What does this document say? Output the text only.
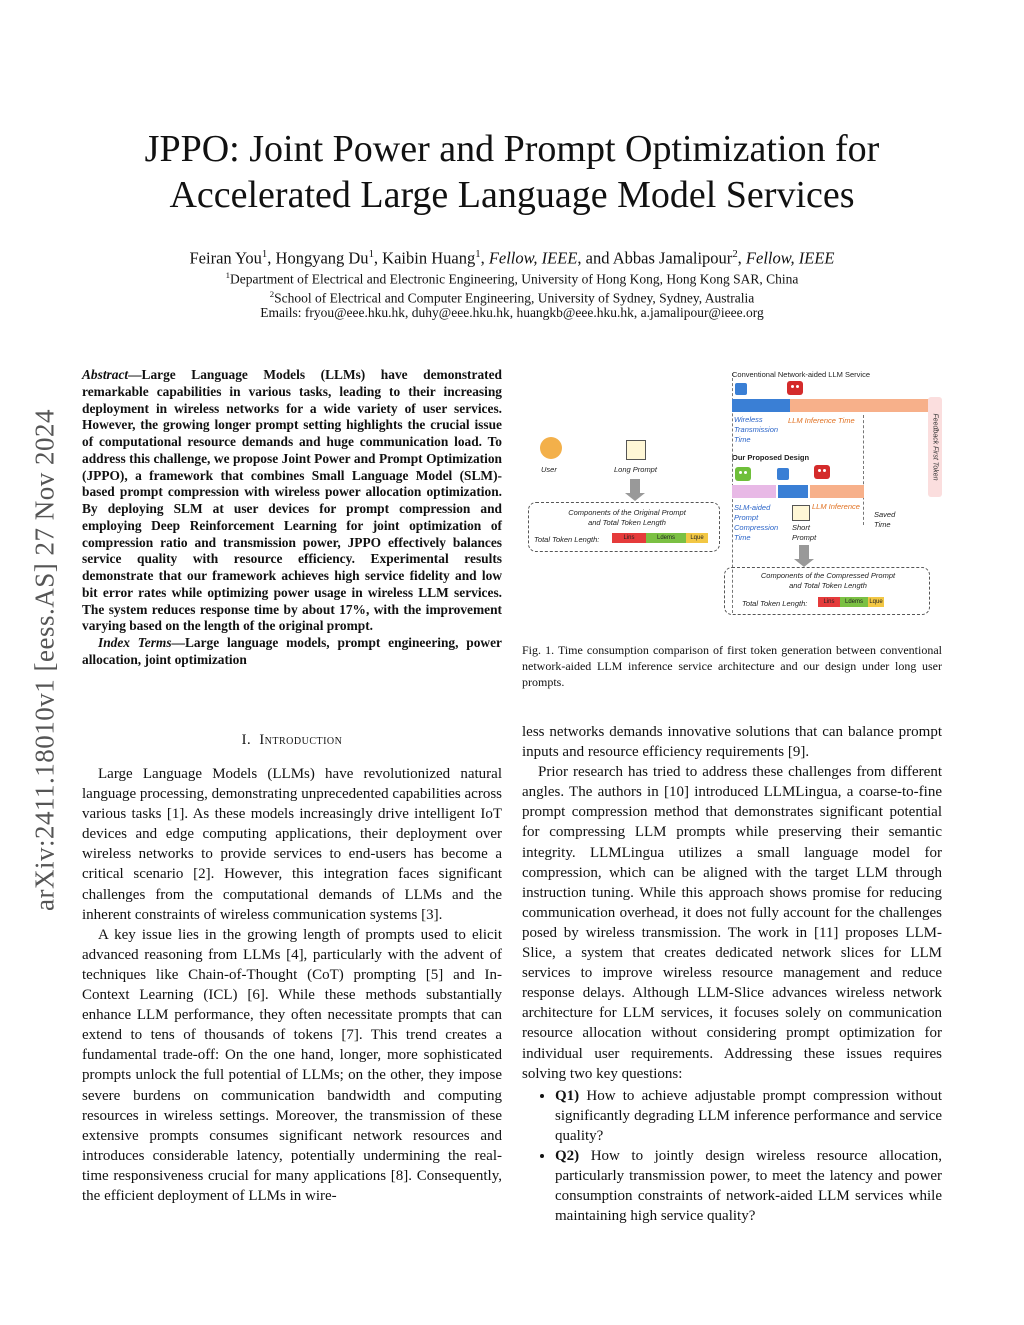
arXiv:2411.18010v1 [eess.AS] 27 Nov 2024
JPPO: Joint Power and Prompt Optimization for
Accelerated Large Language Model Services
Feiran You$^1$, Hongyang Du$^1$, Kaibin Huang$^1$, Fellow, IEEE, and Abbas Jamalipour$^2$, Fellow, IEEE
$^1$Department of Electrical and Electronic Engineering, University of Hong Kong, Hong Kong SAR, China
$^2$School of Electrical and Computer Engineering, University of Sydney, Sydney, Australia
Emails: fryou@eee.hku.hk, duhy@eee.hku.hk, huangkb@eee.hku.hk, a.jamalipour@ieee.org

Abstract—Large Language Models (LLMs) have demonstrated remarkable capabilities in various tasks, leading to their increasing deployment in wireless networks for a wide variety of user services. However, the growing longer prompt setting highlights the crucial issue of computational resource demands and huge communication load. To address this challenge, we propose Joint Power and Prompt Optimization (JPPO), a framework that combines Small Language Model (SLM)-based prompt compression with wireless power allocation optimization. By deploying SLM at user devices for prompt compression and employing Deep Reinforcement Learning for joint optimization of compression ratio and transmission power, JPPO effectively balances service quality with resource efficiency. Experimental results demonstrate that our framework achieves high service fidelity and low bit error rates while optimizing power usage in wireless LLM services. The system reduces response time by about 17%, with the improvement varying based on the length of the original prompt.

Index Terms—Large language models, prompt engineering, power allocation, joint optimization

I. Introduction

Large Language Models (LLMs) have revolutionized natural language processing, demonstrating unprecedented capabilities across various tasks [1]. As these models increasingly drive intelligent IoT devices and edge computing applications, their deployment over wireless networks to provide services to end-users has become a critical scenario [2]. However, this integration faces significant challenges from the computational demands of LLMs and the inherent constraints of wireless communication systems [3].

A key issue lies in the growing length of prompts used to elicit advanced reasoning from LLMs [4], particularly with the advent of techniques like Chain-of-Thought (CoT) prompting [5] and In-Context Learning (ICL) [6]. While these methods substantially enhance LLM performance, they often necessitate prompts that can extend to tens of thousands of tokens [7]. This trend creates a fundamental trade-off: On the one hand, longer, more sophisticated prompts unlock the full potential of LLMs; on the other, they impose severe burdens on communication bandwidth and computing resources in wireless settings. Moreover, the transmission of these extensive prompts consumes significant network resources and introduces considerable latency, potentially undermining the real-time responsiveness crucial for many applications [8]. Consequently, the efficient deployment of LLMs in wire-

Conventional Network-aided LLM Service
Wireless Transmission Time
LLM Inference Time	Feedback First Token
Our Proposed Design
SLM-aided Prompt Compression Time
Short Prompt
LLM Inference
Saved Time
User	Long Prompt
Components of the Original Prompt and Total Token Length
Total Token Length:	Lins	Ldems	Lque
Components of the Compressed Prompt and Total Token Length
Total Token Length:	Lins	Ldems	Lque
Fig. 1. Time consumption comparison of first token generation between conventional network-aided LLM inference service architecture and our design under long user prompts.

less networks demands innovative solutions that can balance prompt inputs and resource efficiency requirements [9].

Prior research has tried to address these challenges from different angles. The authors in [10] introduced LLMLingua, a coarse-to-fine prompt compression method that demonstrates significant potential for compressing LLM prompts while preserving their semantic integrity. LLMLingua utilizes a small language model for compression, which can be aligned with the target LLM through instruction tuning. While this approach shows promise for reducing communication overhead, it does not fully account for the challenges posed by wireless transmission. The work in [11] proposes LLM-Slice, a system that creates dedicated network slices for LLM services to improve wireless resource management and reduce response delays. Although LLM-Slice advances wireless network architecture for LLM services, it focuses solely on communication resource allocation without considering prompt optimization for individual user requirements. Addressing these issues requires solving two key questions:

• Q1) How to achieve adjustable prompt compression without significantly degrading LLM inference performance and service quality?
• Q2) How to jointly design wireless resource allocation, particularly transmission power, to meet the latency and power consumption constraints of network-aided LLM services while maintaining high service quality?
